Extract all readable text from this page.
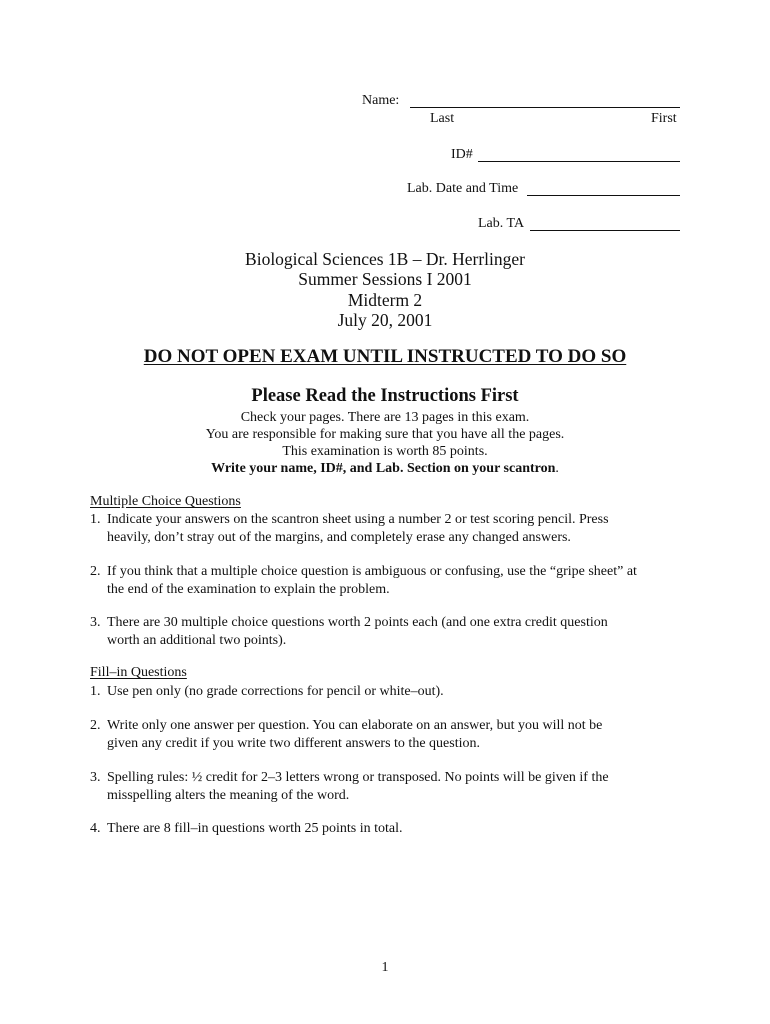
Name:
Last	First
ID#
Lab. Date and Time
Lab. TA
Biological Sciences 1B – Dr. Herrlinger
Summer Sessions I 2001
Midterm 2
July 20, 2001
DO NOT OPEN EXAM UNTIL INSTRUCTED TO DO SO
Please Read the Instructions First
Check your pages. There are 13 pages in this exam.
You are responsible for making sure that you have all the pages.
This examination is worth 85 points.
Write your name, ID#, and Lab. Section on your scantron.
Multiple Choice Questions
1. Indicate your answers on the scantron sheet using a number 2 or test scoring pencil. Press
heavily, don’t stray out of the margins, and completely erase any changed answers.
2. If you think that a multiple choice question is ambiguous or confusing, use the “gripe sheet” at
the end of the examination to explain the problem.
3. There are 30 multiple choice questions worth 2 points each (and one extra credit question
worth an additional two points).
Fill–in Questions
1. Use pen only (no grade corrections for pencil or white–out).
2. Write only one answer per question. You can elaborate on an answer, but you will not be
given any credit if you write two different answers to the question.
3. Spelling rules: ½ credit for 2–3 letters wrong or transposed. No points will be given if the
misspelling alters the meaning of the word.
4. There are 8 fill–in questions worth 25 points in total.
1
